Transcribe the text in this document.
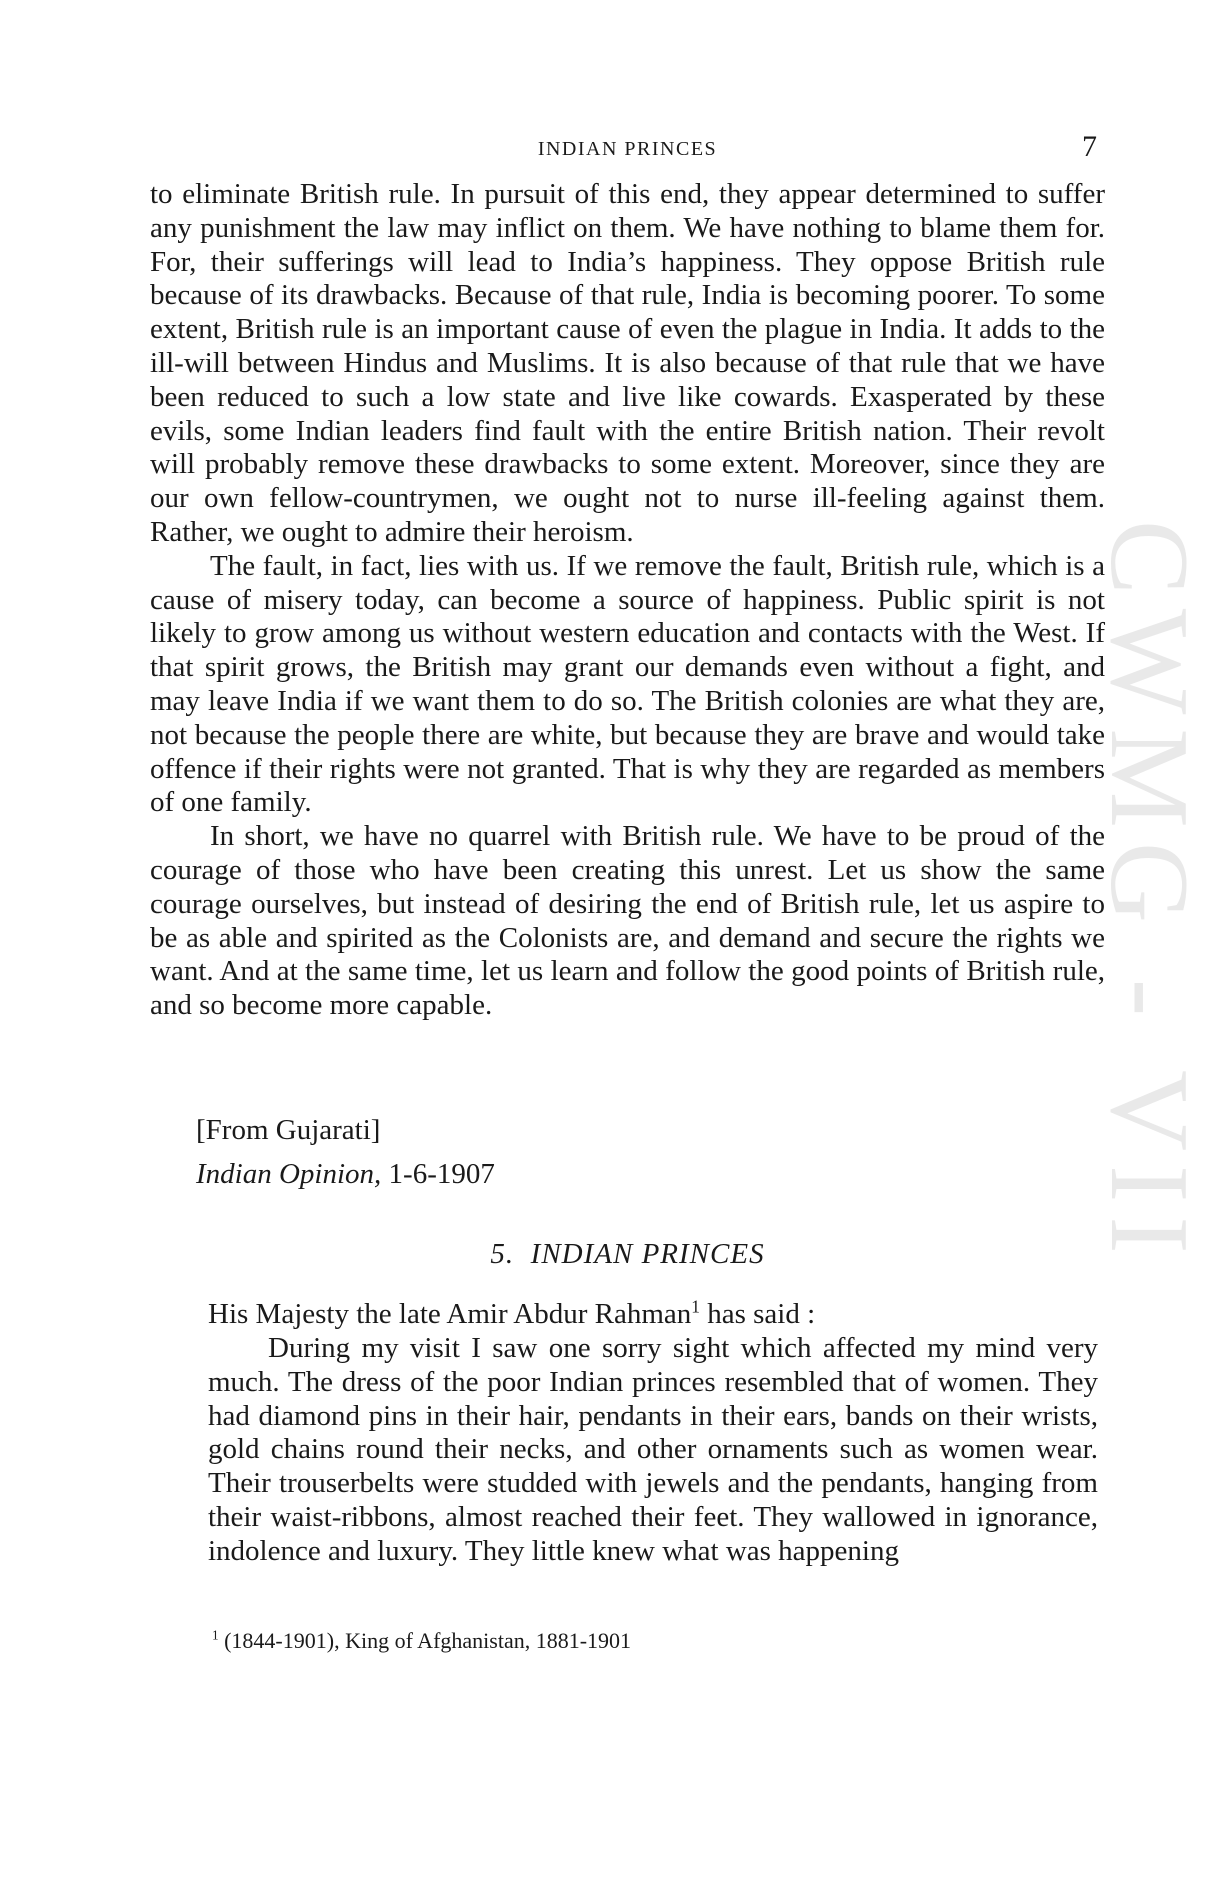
CWMG - VII
INDIAN PRINCES	7

to eliminate British rule. In pursuit of this end, they appear determined to suffer any punishment the law may inflict on them. We have nothing to blame them for. For, their sufferings will lead to India’s happiness. They oppose British rule because of its drawbacks. Because of that rule, India is becoming poorer. To some extent, British rule is an important cause of even the plague in India. It adds to the ill-will between Hindus and Muslims. It is also because of that rule that we have been reduced to such a low state and live like cowards. Exasperated by these evils, some Indian leaders find fault with the entire British nation. Their revolt will probably remove these drawbacks to some extent. Moreover, since they are our own fellow-countrymen, we ought not to nurse ill-feeling against them. Rather, we ought to admire their heroism.

The fault, in fact, lies with us. If we remove the fault, British rule, which is a cause of misery today, can become a source of happiness. Public spirit is not likely to grow among us without western education and contacts with the West. If that spirit grows, the British may grant our demands even without a fight, and may leave India if we want them to do so. The British colonies are what they are, not because the people there are white, but because they are brave and would take offence if their rights were not granted. That is why they are regarded as members of one family.

In short, we have no quarrel with British rule. We have to be proud of the courage of those who have been creating this unrest. Let us show the same courage ourselves, but instead of desiring the end of British rule, let us aspire to be as able and spirited as the Colonists are, and demand and secure the rights we want. And at the same time, let us learn and follow the good points of British rule, and so become more capable.

[From Gujarati]
Indian Opinion, 1-6-1907
5. INDIAN PRINCES
His Majesty the late Amir Abdur Rahman$^1$ has said :

During my visit I saw one sorry sight which affected my mind very much. The dress of the poor Indian princes resembled that of women. They had diamond pins in their hair, pendants in their ears, bands on their wrists, gold chains round their necks, and other ornaments such as women wear. Their trouserbelts were studded with jewels and the pendants, hanging from their waist-ribbons, almost reached their feet. They wallowed in ignorance, indolence and luxury. They little knew what was happening

$^1$ (1844-1901), King of Afghanistan, 1881-1901
